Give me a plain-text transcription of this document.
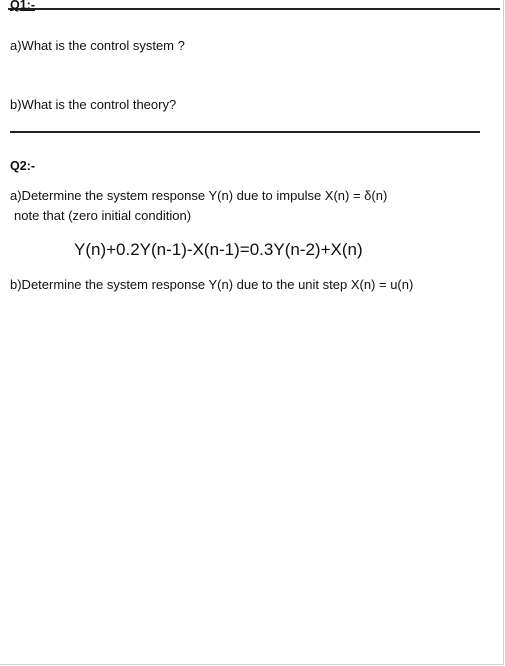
Q1:-
a)What is the control system ?
b)What is the control theory?
Q2:-
a)Determine the system response Y(n) due to impulse X(n) = δ(n)
note that (zero initial condition)
Y(n)+0.2Y(n-1)-X(n-1)=0.3Y(n-2)+X(n)
b)Determine the system response Y(n) due to the unit step X(n) = u(n)
